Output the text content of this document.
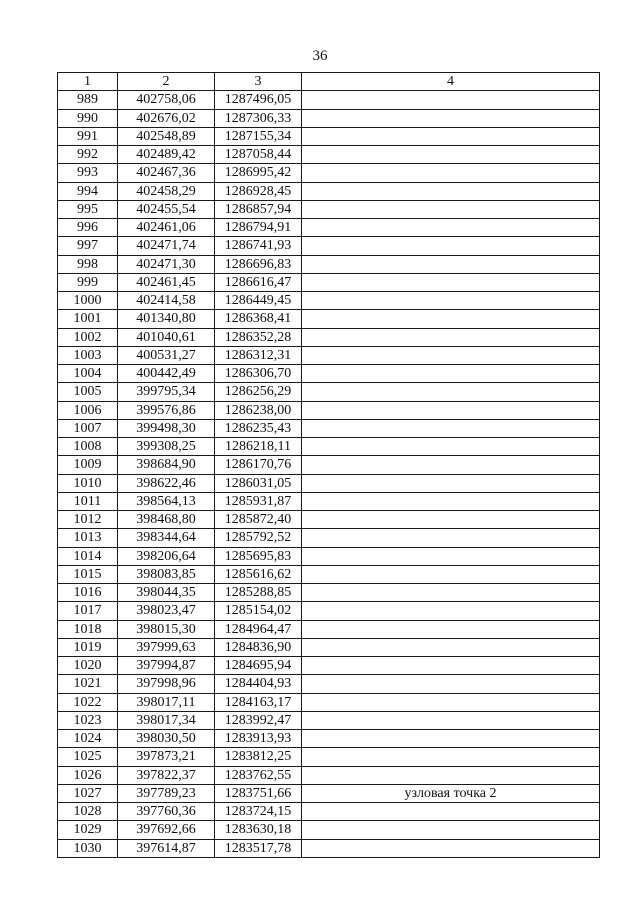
36
1	2	3	4
989	402758,06	1287496,05	
990	402676,02	1287306,33	
991	402548,89	1287155,34	
992	402489,42	1287058,44	
993	402467,36	1286995,42	
994	402458,29	1286928,45	
995	402455,54	1286857,94	
996	402461,06	1286794,91	
997	402471,74	1286741,93	
998	402471,30	1286696,83	
999	402461,45	1286616,47	
1000	402414,58	1286449,45	
1001	401340,80	1286368,41	
1002	401040,61	1286352,28	
1003	400531,27	1286312,31	
1004	400442,49	1286306,70	
1005	399795,34	1286256,29	
1006	399576,86	1286238,00	
1007	399498,30	1286235,43	
1008	399308,25	1286218,11	
1009	398684,90	1286170,76	
1010	398622,46	1286031,05	
1011	398564,13	1285931,87	
1012	398468,80	1285872,40	
1013	398344,64	1285792,52	
1014	398206,64	1285695,83	
1015	398083,85	1285616,62	
1016	398044,35	1285288,85	
1017	398023,47	1285154,02	
1018	398015,30	1284964,47	
1019	397999,63	1284836,90	
1020	397994,87	1284695,94	
1021	397998,96	1284404,93	
1022	398017,11	1284163,17	
1023	398017,34	1283992,47	
1024	398030,50	1283913,93	
1025	397873,21	1283812,25	
1026	397822,37	1283762,55	
1027	397789,23	1283751,66	узловая точка 2
1028	397760,36	1283724,15	
1029	397692,66	1283630,18	
1030	397614,87	1283517,78	
